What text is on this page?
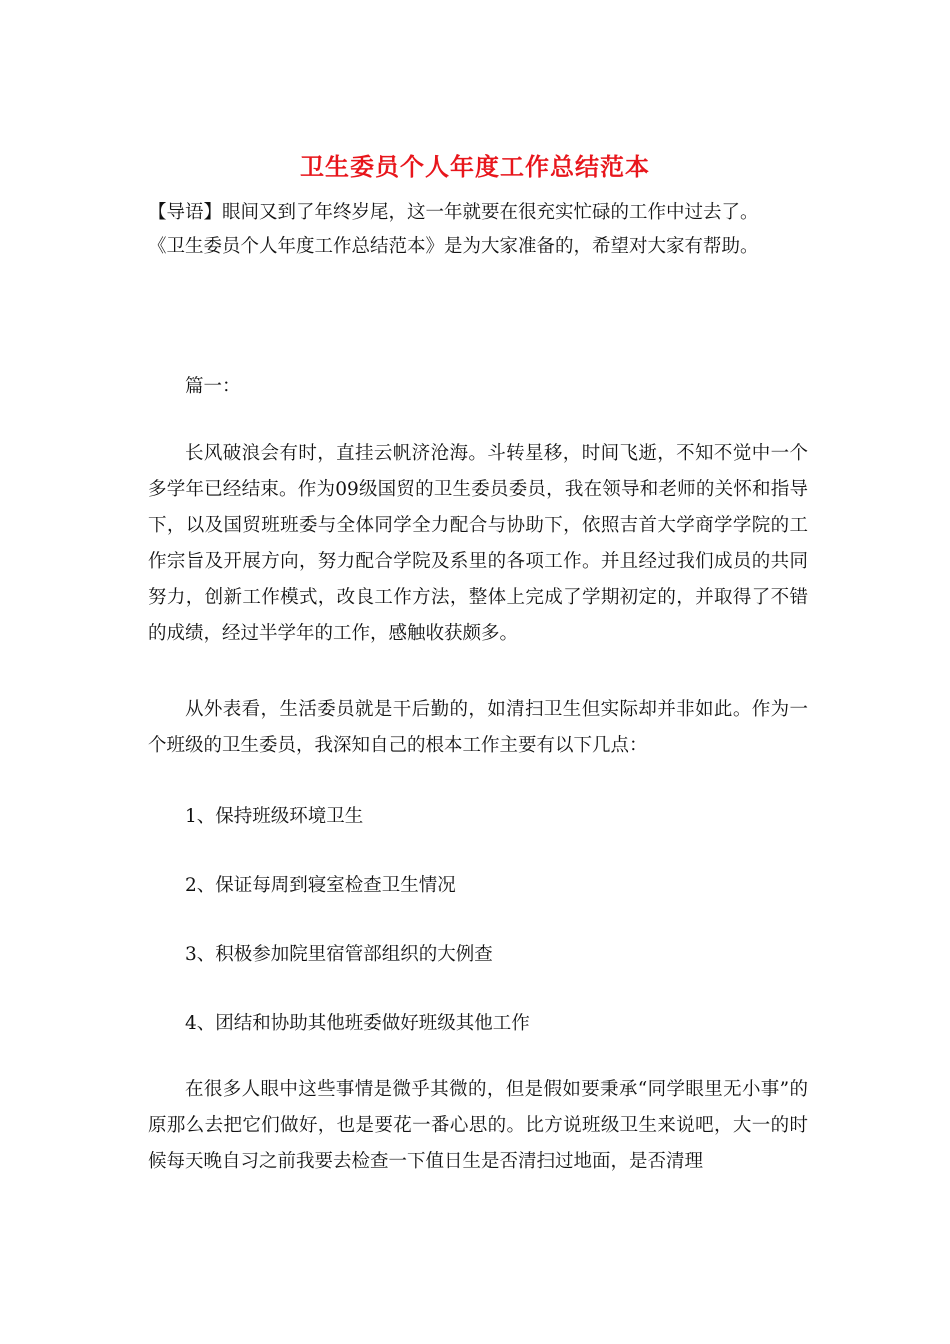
卫生委员个人年度工作总结范本

【导语】眼间又到了年终岁尾，这一年就要在很充实忙碌的工作中过去了。

《卫生委员个人年度工作总结范本》是为大家准备的，希望对大家有帮助。

篇一：

长风破浪会有时，直挂云帆济沧海。斗转星移，时间飞逝，不知不觉中一个多学年已经结束。作为09级国贸的卫生委员委员，我在领导和老师的关怀和指导下，以及国贸班班委与全体同学全力配合与协助下，依照吉首大学商学学院的工作宗旨及开展方向，努力配合学院及系里的各项工作。并且经过我们成员的共同努力，创新工作模式，改良工作方法，整体上完成了学期初定的，并取得了不错的成绩，经过半学年的工作，感触收获颇多。

从外表看，生活委员就是干后勤的，如清扫卫生但实际却并非如此。作为一个班级的卫生委员，我深知自己的根本工作主要有以下几点：

1、保持班级环境卫生

2、保证每周到寝室检查卫生情况

3、积极参加院里宿管部组织的大例查

4、团结和协助其他班委做好班级其他工作

在很多人眼中这些事情是微乎其微的，但是假如要秉承“同学眼里无小事”的原那么去把它们做好，也是要花一番心思的。比方说班级卫生来说吧，大一的时候每天晚自习之前我要去检查一下值日生是否清扫过地面，是否清理
